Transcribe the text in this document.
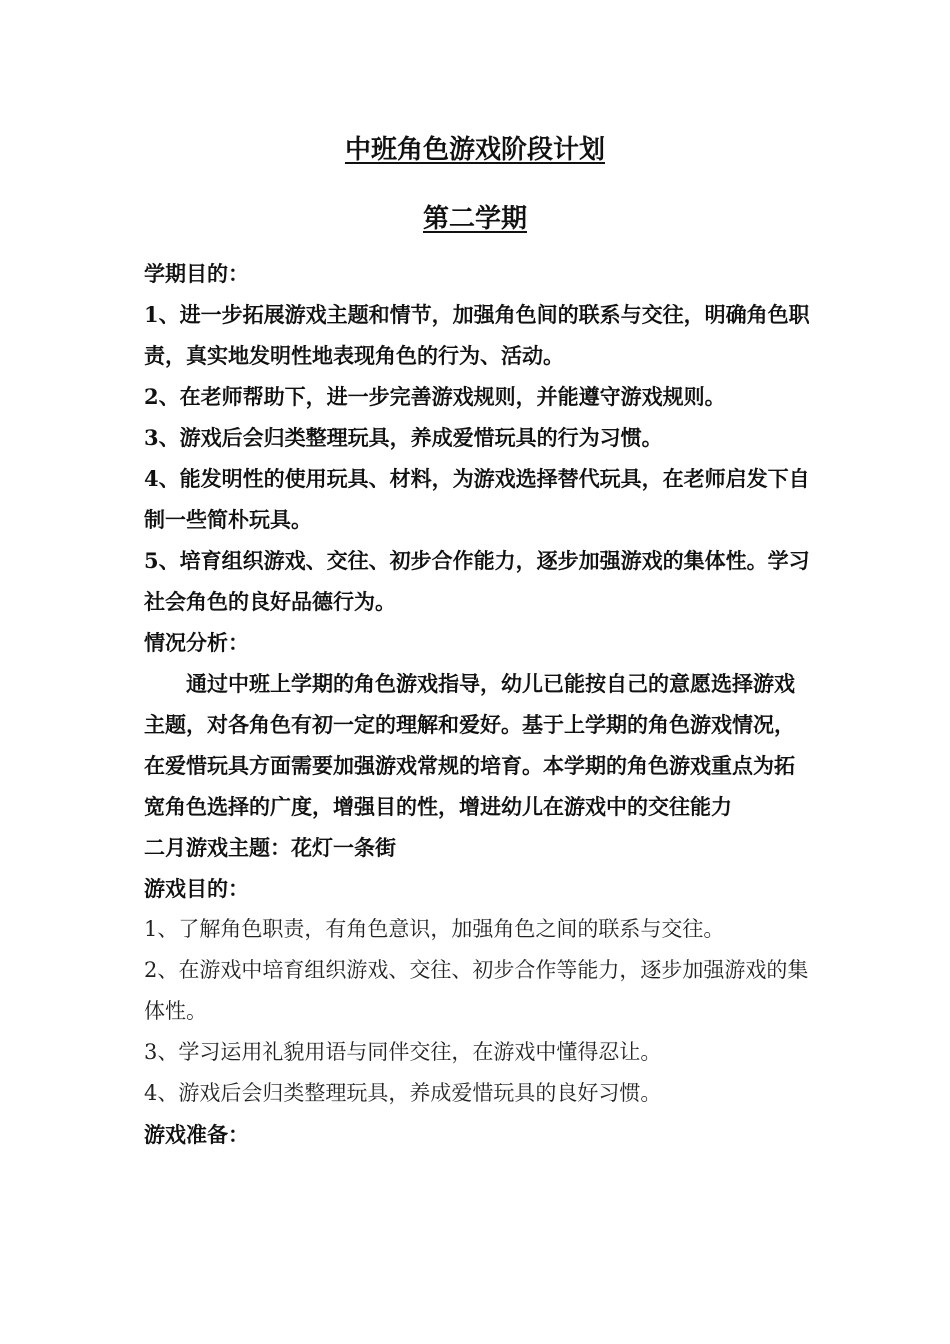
中班角色游戏阶段计划
第二学期

学期目的：

1、进一步拓展游戏主题和情节，加强角色间的联系与交往，明确角色职责，真实地发明性地表现角色的行为、活动。

2、在老师帮助下，进一步完善游戏规则，并能遵守游戏规则。

3、游戏后会归类整理玩具，养成爱惜玩具的行为习惯。

4、能发明性的使用玩具、材料，为游戏选择替代玩具，在老师启发下自制一些简朴玩具。

5、培育组织游戏、交往、初步合作能力，逐步加强游戏的集体性。学习社会角色的良好品德行为。

情况分析：

通过中班上学期的角色游戏指导，幼儿已能按自己的意愿选择游戏主题，对各角色有初一定的理解和爱好。基于上学期的角色游戏情况，在爱惜玩具方面需要加强游戏常规的培育。本学期的角色游戏重点为拓宽角色选择的广度，增强目的性，增进幼儿在游戏中的交往能力

二月游戏主题：花灯一条街

游戏目的：

1、了解角色职责，有角色意识，加强角色之间的联系与交往。

2、在游戏中培育组织游戏、交往、初步合作等能力，逐步加强游戏的集体性。

3、学习运用礼貌用语与同伴交往，在游戏中懂得忍让。

4、游戏后会归类整理玩具，养成爱惜玩具的良好习惯。

游戏准备：
